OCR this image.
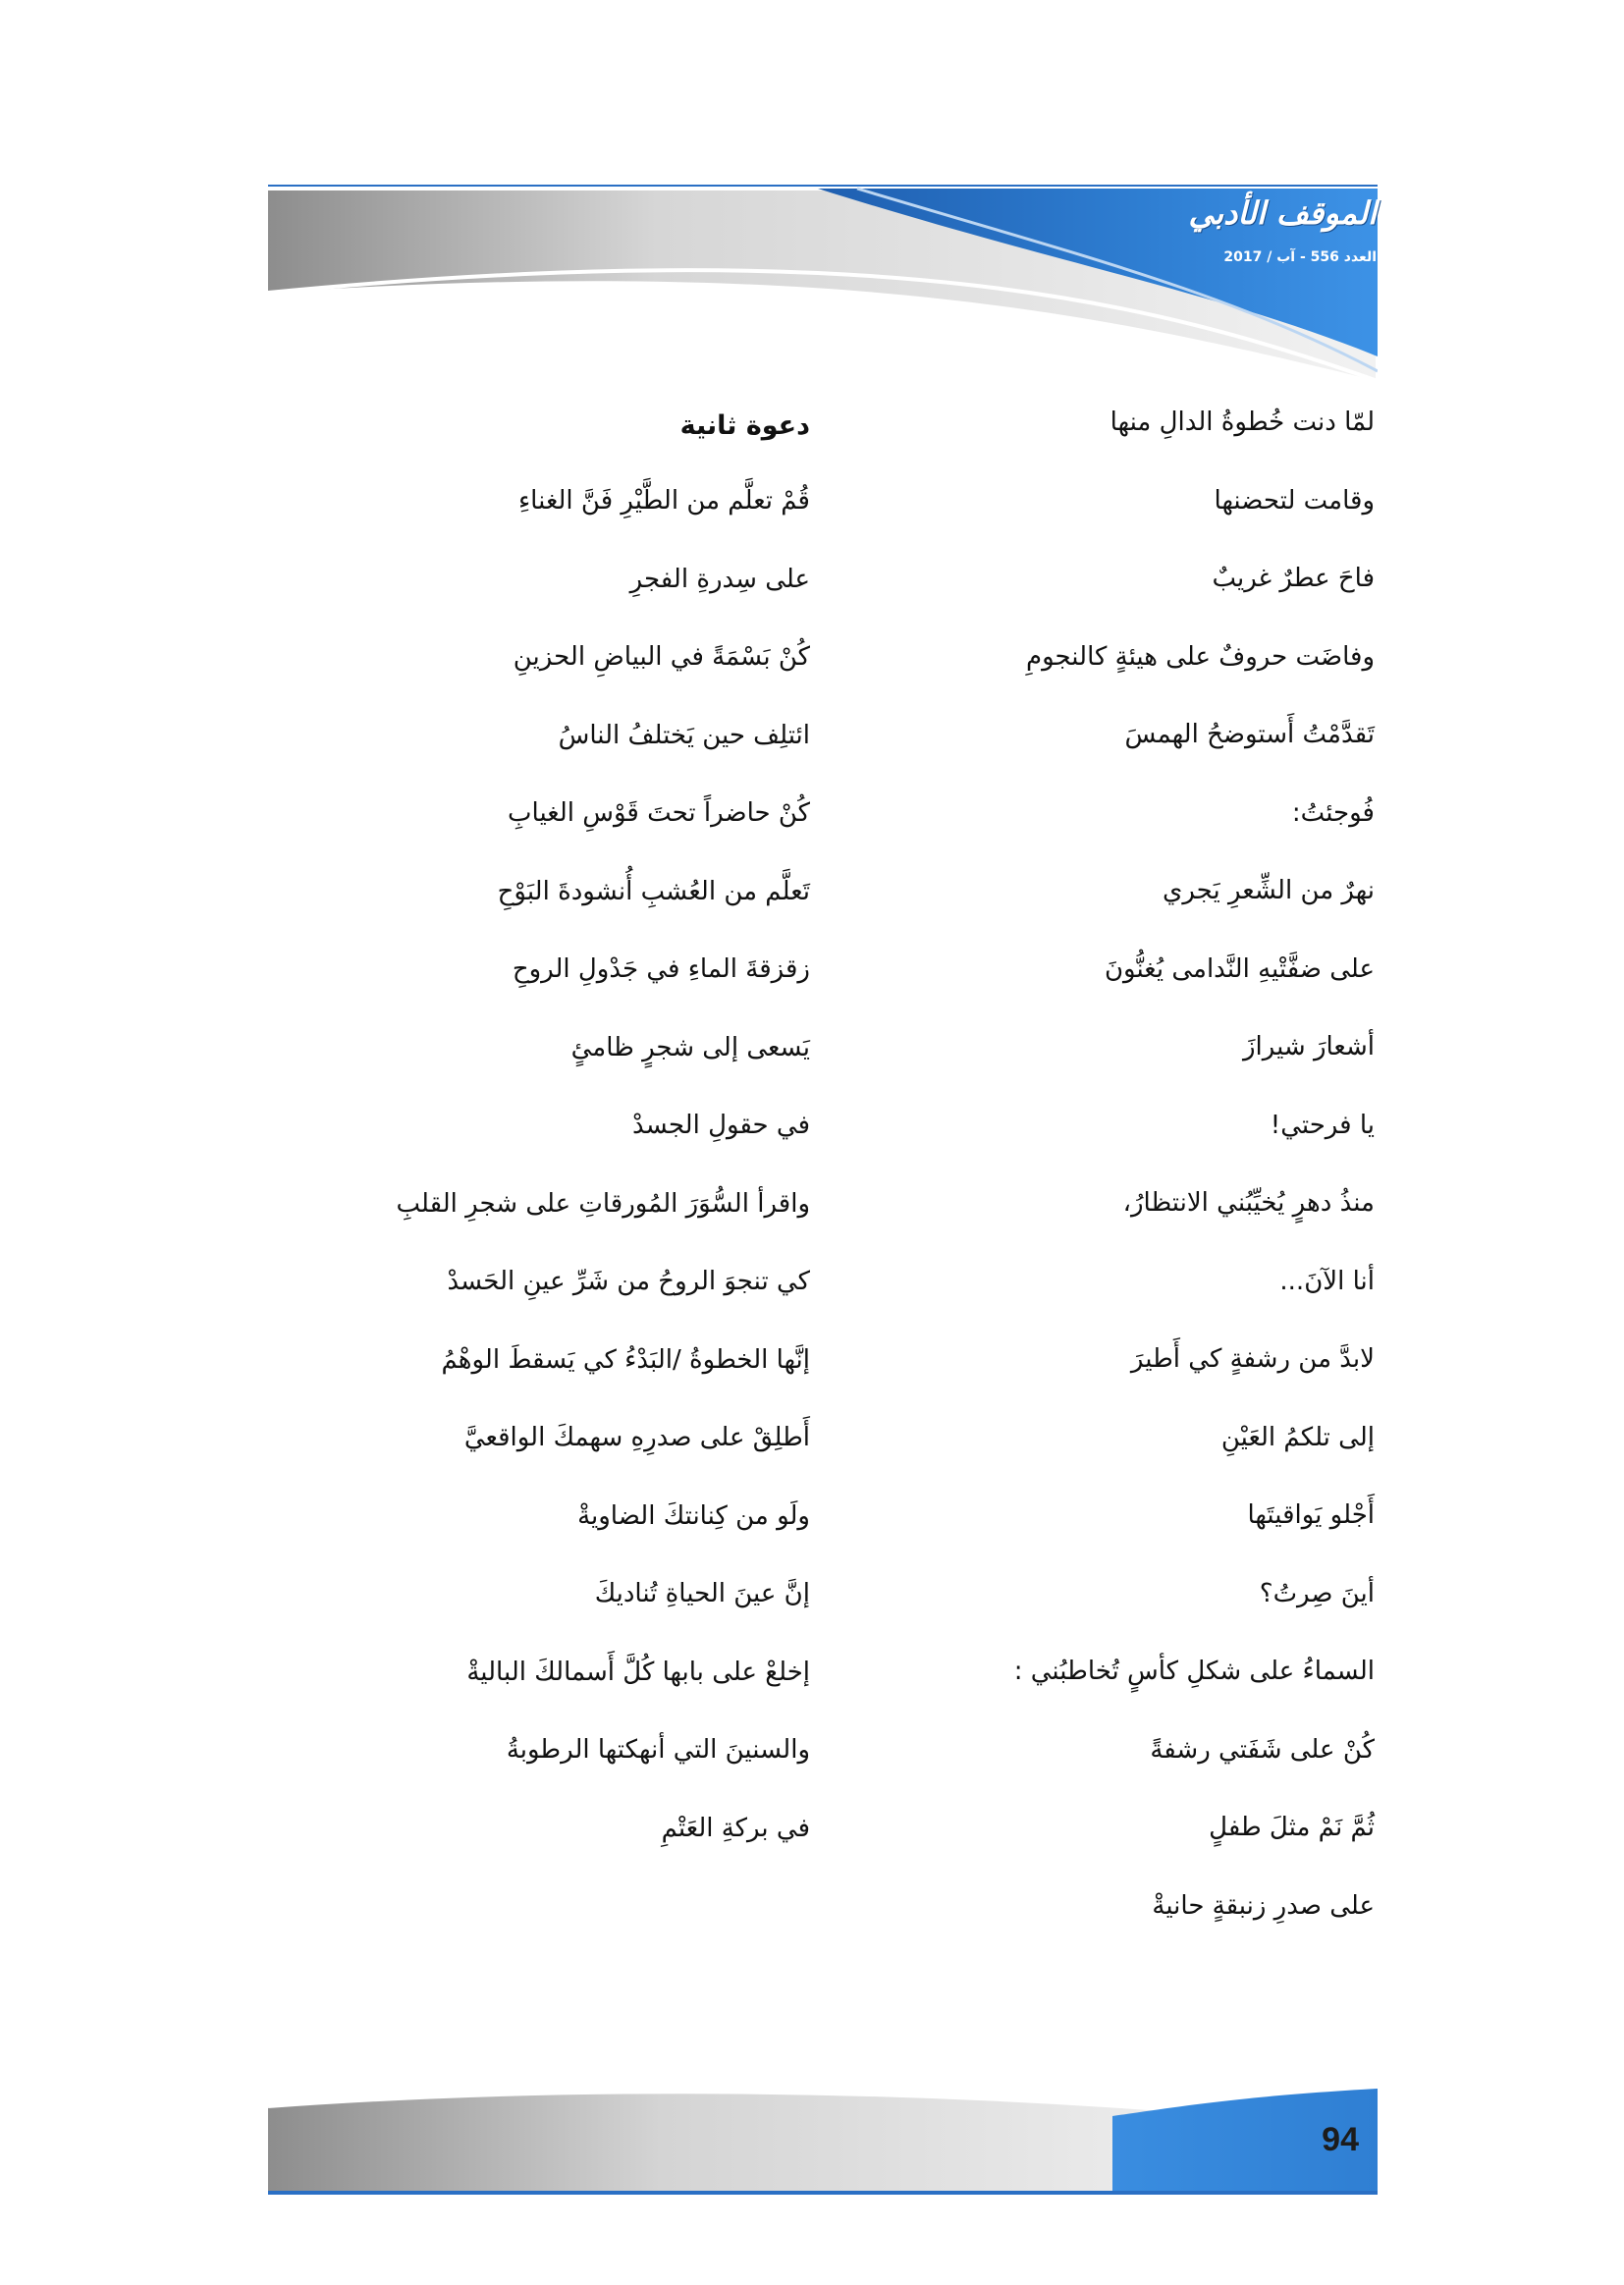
الموقف الأدبي
العدد 556 - آب / 2017
لمّا دنت خُطوةُ الدالِ منها
وقامت لتحضنها
فاحَ عطرٌ غريبٌ
وفاضَت حروفٌ على هيئةٍ كالنجومِ
تَقدَّمْتُ أَستوضحُ الهمسَ
فُوجئتُ:
نهرٌ من الشِّعرِ يَجري
على ضفَّتْيهِ النَّدامى يُغنُّونَ
أشعارَ شيرازَ
يا فرحتي!
منذُ دهرٍ يُخيِّبُني الانتظارُ،
أنا الآنَ...
لابدَّ من رشفةٍ كي أَطيرَ
إلى تلكمُ العَيْنِ
أَجْلو يَواقيتَها
أينَ صِرتُ؟
السماءُ على شكلِ كأسٍ تُخاطبُني :
كُنْ على شَفَتي رشفةً
ثُمَّ نَمْ مثلَ طفلٍ
على صدرِ زنبقةٍ حانيةْ
دعوة ثانية
قُمْ تعلَّم من الطَّيْرِ فَنَّ الغناءِ
على سِدرةِ الفجرِ
كُنْ بَسْمَةً في البياضِ الحزينِ
ائتلِف حين يَختلفُ الناسُ
كُنْ حاضراً تحتَ قَوْسِ الغيابِ
تَعلَّم من العُشبِ أُنشودةَ البَوْحِ
زقزقةَ الماءِ في جَدْولِ الروحِ
يَسعى إلى شجرٍ ظامئٍ
في حقولِ الجسدْ
واقرأ السُّوَرَ المُورقاتِ على شجرِ القلبِ
كي تنجوَ الروحُ من شَرِّ عينِ الحَسدْ
إنَّها الخطوةُ /البَدْءُ كي يَسقطَ الوهْمُ
أَطلِقْ على صدرِهِ سهمكَ الواقعيَّ
ولَو من كِنانتكَ الضاويةْ
إنَّ عينَ الحياةِ تُناديكَ
إخلعْ على بابها كُلَّ أَسمالكَ الباليةْ
والسنينَ التي أنهكتها الرطوبةُ
في بركةِ العَتْمِ
94
